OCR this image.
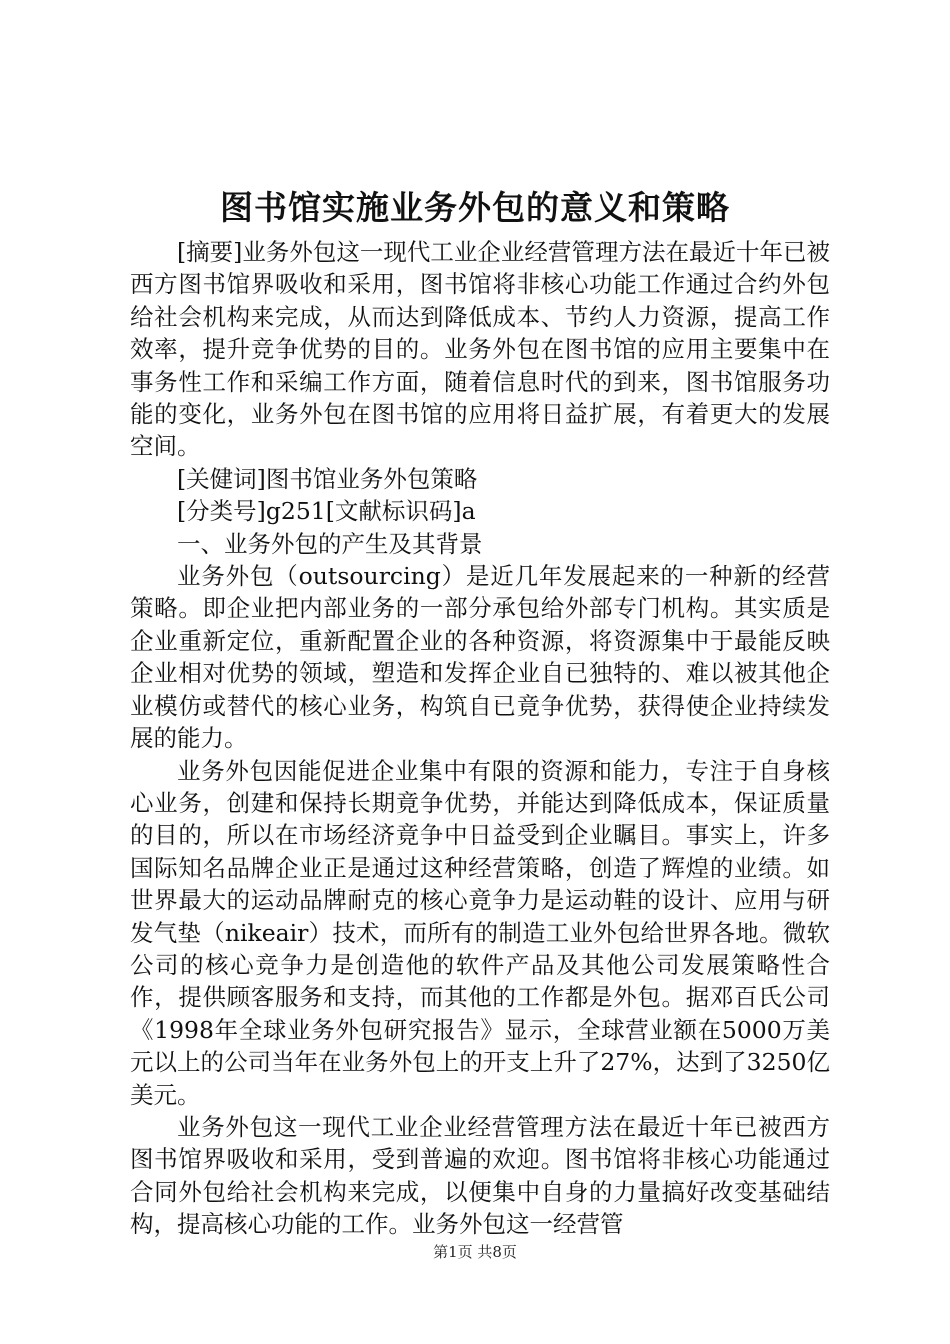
图书馆实施业务外包的意义和策略

[摘要]业务外包这一现代工业企业经营管理方法在最近十年已被西方图书馆界吸收和采用，图书馆将非核心功能工作通过合约外包给社会机构来完成，从而达到降低成本、节约人力资源，提高工作效率，提升竞争优势的目的。业务外包在图书馆的应用主要集中在事务性工作和采编工作方面，随着信息时代的到来，图书馆服务功能的变化，业务外包在图书馆的应用将日益扩展，有着更大的发展空间。

[关健词]图书馆业务外包策略

[分类号]g251[文献标识码]a

一、业务外包的产生及其背景

业务外包（outsourcing）是近几年发展起来的一种新的经营策略。即企业把内部业务的一部分承包给外部专门机构。其实质是企业重新定位，重新配置企业的各种资源，将资源集中于最能反映企业相对优势的领域，塑造和发挥企业自已独特的、难以被其他企业模仿或替代的核心业务，构筑自已竟争优势，获得使企业持续发展的能力。

业务外包因能促进企业集中有限的资源和能力，专注于自身核心业务，创建和保持长期竟争优势，并能达到降低成本，保证质量的目的，所以在市场经济竟争中日益受到企业瞩目。事实上，许多国际知名品牌企业正是通过这种经营策略，创造了辉煌的业绩。如世界最大的运动品牌耐克的核心竟争力是运动鞋的设计、应用与研发气垫（nikeair）技术，而所有的制造工业外包给世界各地。微软公司的核心竞争力是创造他的软件产品及其他公司发展策略性合作，提供顾客服务和支持，而其他的工作都是外包。据邓百氏公司《1998年全球业务外包研究报告》显示，全球营业额在5000万美元以上的公司当年在业务外包上的开支上升了27%，达到了3250亿美元。

业务外包这一现代工业企业经营管理方法在最近十年已被西方图书馆界吸收和采用，受到普遍的欢迎。图书馆将非核心功能通过合同外包给社会机构来完成，以便集中自身的力量搞好改变基础结构，提高核心功能的工作。业务外包这一经营管

第1页 共8页
